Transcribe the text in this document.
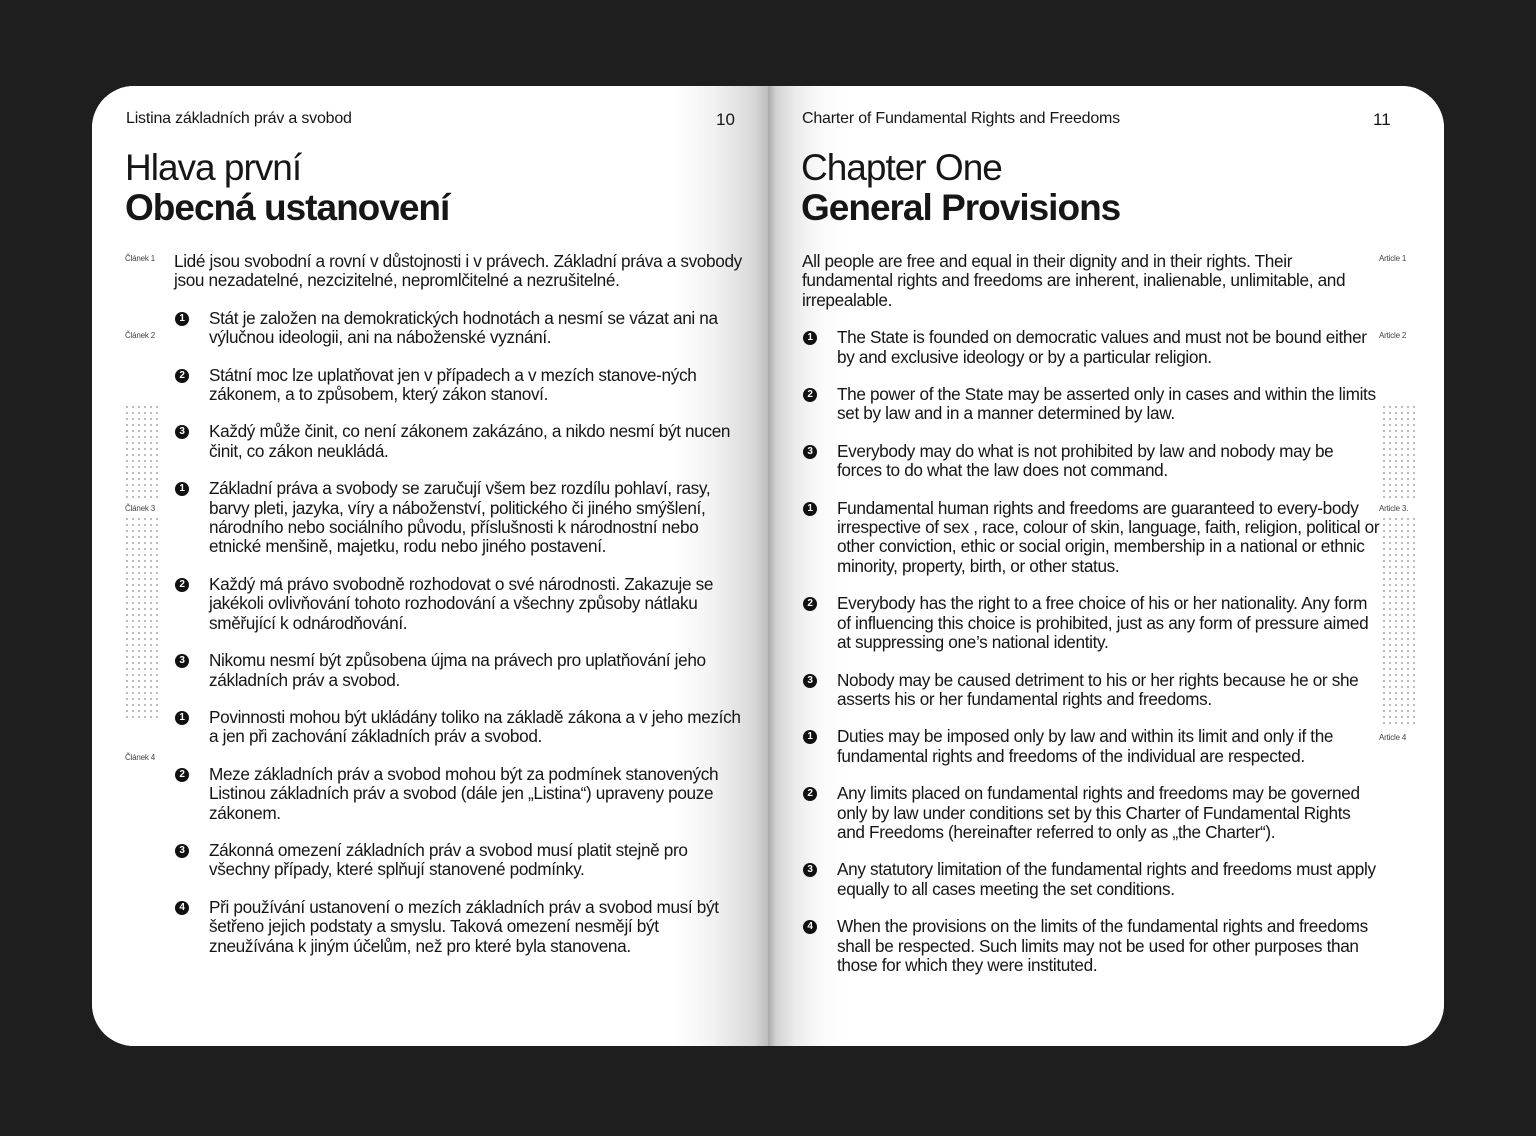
Listina základních práv a svobod	10
Hlava první
Obecná ustanovení
Článek 1
Článek 2
Článek 3
Článek 4
Lidé jsou svobodní a rovní v důstojnosti i v právech. Základní práva a svobody jsou nezadatelné, nezcizitelné, nepromlčitelné a nezrušitelné.
1 Stát je založen na demokratických hodnotách a nesmí se vázat ani na výlučnou ideologii, ani na náboženské vyznání.
2 Státní moc lze uplatňovat jen v případech a v mezích stanove-ných zákonem, a to způsobem, který zákon stanoví.
3 Každý může činit, co není zákonem zakázáno, a nikdo nesmí být nucen činit, co zákon neukládá.
1 Základní práva a svobody se zaručují všem bez rozdílu pohlaví, rasy, barvy pleti, jazyka, víry a náboženství, politického či jiného smýšlení, národního nebo sociálního původu, příslušnosti k národnostní nebo etnické menšině, majetku, rodu nebo jiného postavení.
2 Každý má právo svobodně rozhodovat o své národnosti. Zakazuje se jakékoli ovlivňování tohoto rozhodování a všechny způsoby nátlaku směřující k odnárodňování.
3 Nikomu nesmí být způsobena újma na právech pro uplatňování jeho základních práv a svobod.
1 Povinnosti mohou být ukládány toliko na základě zákona a v jeho mezích a jen při zachování základních práv a svobod.
2 Meze základních práv a svobod mohou být za podmínek stanovených Listinou základních práv a svobod (dále jen „Listina“) upraveny pouze zákonem.
3 Zákonná omezení základních práv a svobod musí platit stejně pro všechny případy, které splňují stanovené podmínky.
4 Při používání ustanovení o mezích základních práv a svobod musí být šetřeno jejich podstaty a smyslu. Taková omezení nesmějí být zneužívána k jiným účelům, než pro které byla stanovena.
Charter of Fundamental Rights and Freedoms	11
Chapter One
General Provisions
Article 1
Article 2
Article 3.
Article 4
All people are free and equal in their dignity and in their rights. Their fundamental rights and freedoms are inherent, inalienable, unlimitable, and irrepealable.
1 The State is founded on democratic values and must not be bound either by and exclusive ideology or by a particular religion.
2 The power of the State may be asserted only in cases and within the limits set by law and in a manner determined by law.
3 Everybody may do what is not prohibited by law and nobody may be forces to do what the law does not command.
1 Fundamental human rights and freedoms are guaranteed to every-body irrespective of sex , race, colour of skin, language, faith, religion, political or other conviction, ethic or social origin, membership in a national or ethnic minority, property, birth, or other status.
2 Everybody has the right to a free choice of his or her nationality. Any form of influencing this choice is prohibited, just as any form of pressure aimed at suppressing one’s national identity.
3 Nobody may be caused detriment to his or her rights because he or she asserts his or her fundamental rights and freedoms.
1 Duties may be imposed only by law and within its limit and only if the fundamental rights and freedoms of the individual are respected.
2 Any limits placed on fundamental rights and freedoms may be governed only by law under conditions set by this Charter of Fundamental Rights and Freedoms (hereinafter referred to only as „the Charter“).
3 Any statutory limitation of the fundamental rights and freedoms must apply equally to all cases meeting the set conditions.
4 When the provisions on the limits of the fundamental rights and freedoms shall be respected. Such limits may not be used for other purposes than those for which they were instituted.
